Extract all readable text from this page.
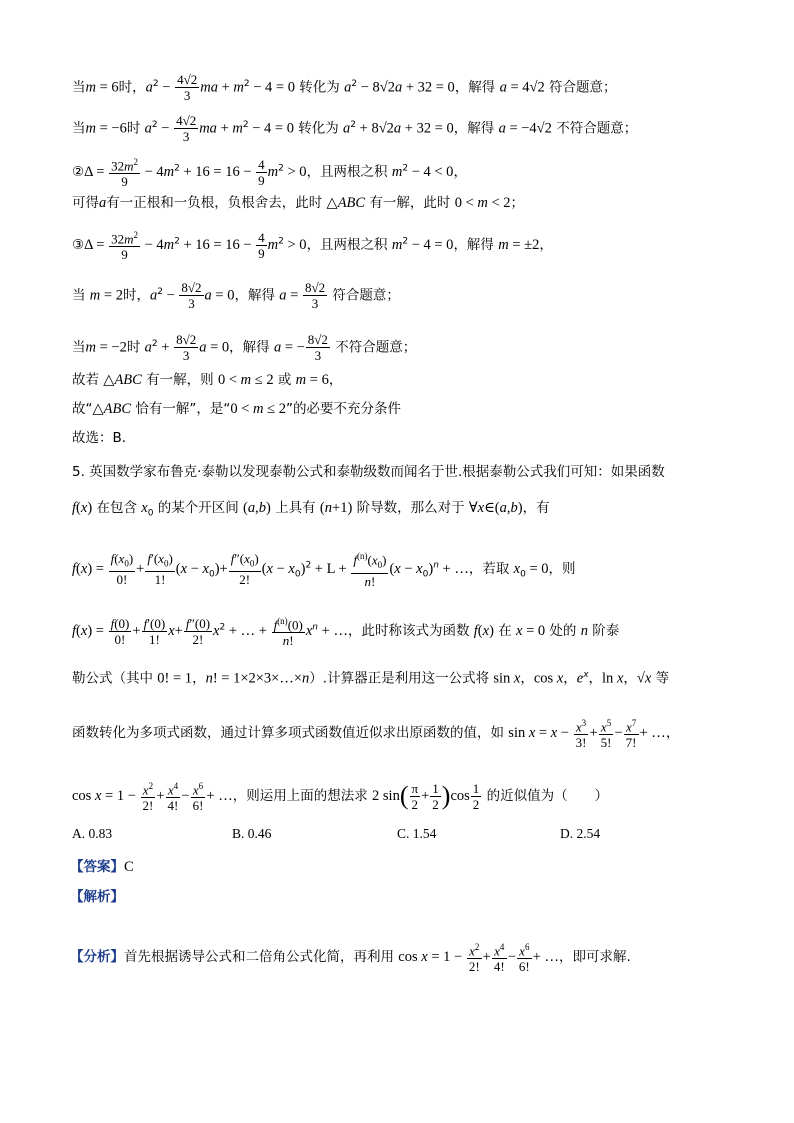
当m = 6时，$a^2 - \frac{4√2}{3}$ ma + $m^2 - 4 = 0$ 转化为 $a^2 - 8√2a + 32 = 0$，解得 a = 4√2 符合题意；
当m = −6时 $a^2 - \frac{4√2}{3}$ ma + $m^2 - 4 = 0$ 转化为 $a^2 + 8√2a + 32 = 0$，解得 a = −4√2 不符合题意；
②Δ = $\frac{32m^2}{9} - 4m^2 + 16 = 16 - \frac{4}{9} m^2 > 0$，且两根之积 $m^2 - 4 < 0$，
可得a有一正根和一负根，负根舍去，此时 △ABC 有一解，此时 0 < m < 2；
③Δ = $\frac{32m^2}{9} - 4m^2 + 16 = 16 - \frac{4}{9} m^2 > 0$，且两根之积 $m^2 - 4 = 0$，解得 m = ±2，
当 m = 2时，$a^2 - \frac{8√2}{3}$ a = 0，解得 $a = \frac{8√2}{3}$ 符合题意；
当m = −2时 $a^2 + \frac{8√2}{3}$ a = 0，解得 a = − $\frac{8√2}{3}$ 不符合题意；
故若 △ABC 有一解，则 0 < m ≤ 2 或 m = 6，
故“△ABC 恰有一解”，是“0 < m ≤ 2”的必要不充分条件
故选：B．
5. 英国数学家布鲁克·泰勒以发现泰勒公式和泰勒级数而闻名于世.根据泰勒公式我们可知：如果函数
f(x) 在包含 $x_0$ 的某个开区间 (a,b) 上具有 (n+1) 阶导数，那么对于 ∀x∈(a,b)，有
$f(x) = \frac{f(x_0)}{0!} + \frac{f'(x_0)}{1!} (x - x_0)+ \frac{f''(x_0)}{2!} (x - x_0)^2 + L + \frac{f^{(n)}(x_0)}{n!} (x - x_0)^n$ + …，若取 $x_0 = 0$，则
$f(x) = \frac{f(0)}{0!} + \frac{f'(0)}{1!} x+ \frac{f''(0)}{2!} x^2$ + … + $\frac{f^{(n)}(0)}{n!} x^n$ + …，此时称该式为函数 f(x) 在 x = 0 处的 n 阶泰
勒公式（其中 0! = 1，n! = 1×2×3×…×n）.计算器正是利用这一公式将 sin x，cos x，$e^x$，ln x，√x 等
函数转化为多项式函数，通过计算多项式函数值近似求出原函数的值，如 $\sin x = x - \frac{x^3}{3!} + \frac{x^5}{5!} - \frac{x^7}{7!}$ + …，
$\cos x = 1 - \frac{x^2}{2!} + \frac{x^4}{4!} - \frac{x^6}{6!}$ + …，则运用上面的想法求 2 $\sin( \frac{\pi}{2} + \frac{1}{2} )\cos \frac{1}{2}$ 的近似值为（　　）
A. 0.83	B. 0.46	C. 1.54	D. 2.54
【答案】C
【解析】
【分析】首先根据诱导公式和二倍角公式化简，再利用 $\cos x = 1 - \frac{x^2}{2!} + \frac{x^4}{4!} - \frac{x^6}{6!}$ + …，即可求解.
